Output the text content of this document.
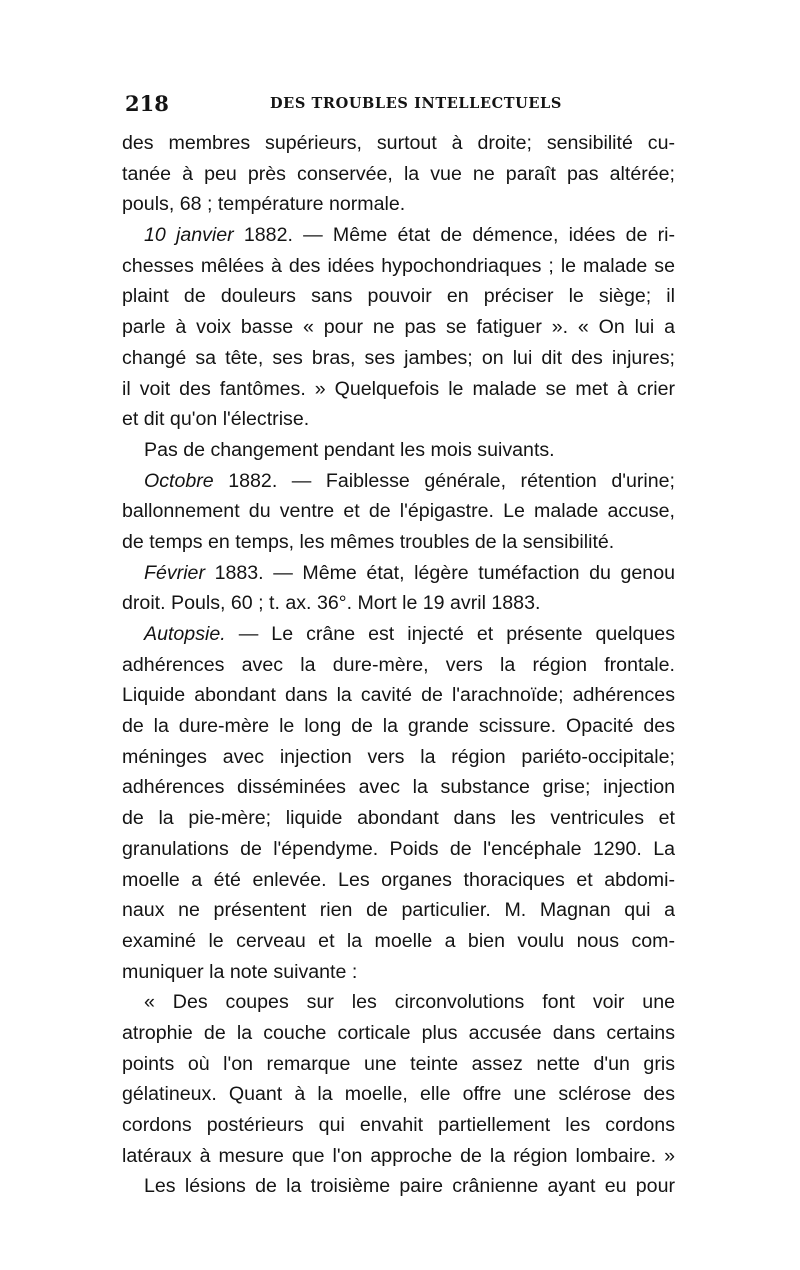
218	DES TROUBLES INTELLECTUELS
des membres supérieurs, surtout à droite; sensibilité cu-
tanée à peu près conservée, la vue ne paraît pas altérée;
pouls, 68 ; température normale.
10 janvier 1882. — Même état de démence, idées de ri-
chesses mêlées à des idées hypochondriaques ; le malade se
plaint de douleurs sans pouvoir en préciser le siège; il
parle à voix basse « pour ne pas se fatiguer ». « On lui a
changé sa tête, ses bras, ses jambes; on lui dit des injures;
il voit des fantômes. » Quelquefois le malade se met à crier
et dit qu'on l'électrise.
Pas de changement pendant les mois suivants.
Octobre 1882. — Faiblesse générale, rétention d'urine;
ballonnement du ventre et de l'épigastre. Le malade accuse,
de temps en temps, les mêmes troubles de la sensibilité.
Février 1883. — Même état, légère tuméfaction du genou
droit. Pouls, 60 ; t. ax. 36°. Mort le 19 avril 1883.
Autopsie. — Le crâne est injecté et présente quelques
adhérences avec la dure-mère, vers la région frontale.
Liquide abondant dans la cavité de l'arachnoïde; adhérences
de la dure-mère le long de la grande scissure. Opacité des
méninges avec injection vers la région pariéto-occipitale;
adhérences disséminées avec la substance grise; injection
de la pie-mère; liquide abondant dans les ventricules et
granulations de l'épendyme. Poids de l'encéphale 1290. La
moelle a été enlevée. Les organes thoraciques et abdomi-
naux ne présentent rien de particulier. M. Magnan qui a
examiné le cerveau et la moelle a bien voulu nous com-
muniquer la note suivante :
« Des coupes sur les circonvolutions font voir une
atrophie de la couche corticale plus accusée dans certains
points où l'on remarque une teinte assez nette d'un gris
gélatineux. Quant à la moelle, elle offre une sclérose des
cordons postérieurs qui envahit partiellement les cordons
latéraux à mesure que l'on approche de la région lombaire. »
Les lésions de la troisième paire crânienne ayant eu pour
